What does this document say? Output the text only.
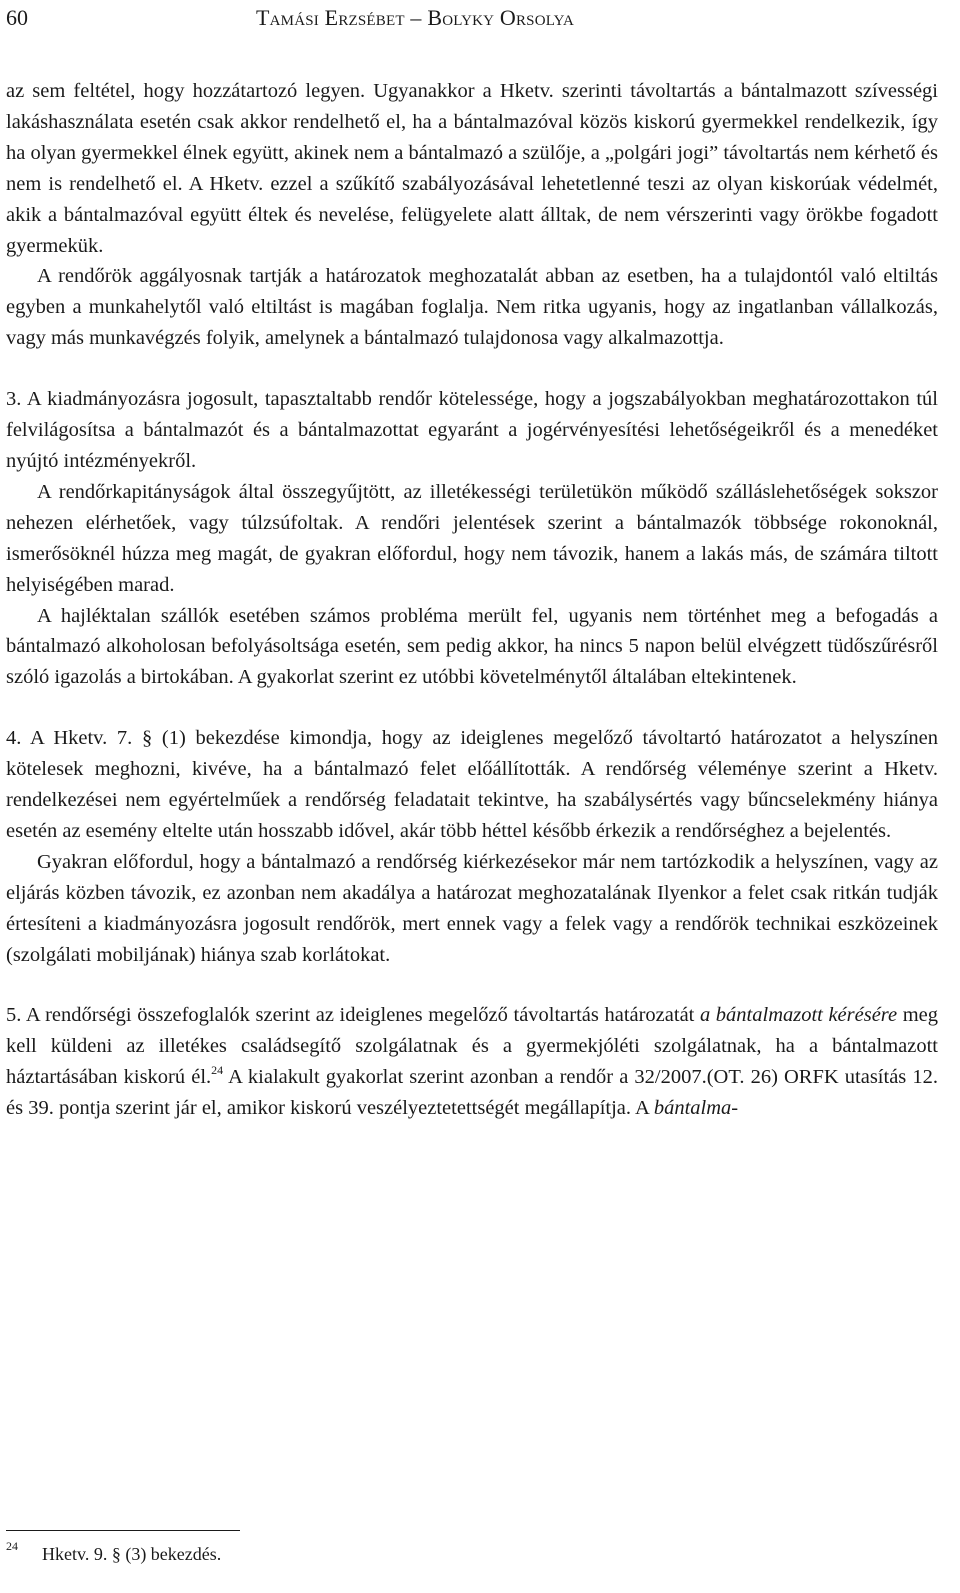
60	Tamási Erzsébet – Bolyky Orsolya

az sem feltétel, hogy hozzátartozó legyen. Ugyanakkor a Hketv. szerinti távoltartás a bántalmazott szívességi lakáshasználata esetén csak akkor rendelhető el, ha a bántalmazóval közös kiskorú gyermekkel rendelkezik, így ha olyan gyermekkel élnek együtt, akinek nem a bántalmazó a szülője, a „polgári jogi” távoltartás nem kérhető és nem is rendelhető el. A Hketv. ezzel a szűkítő szabályozásával lehetetlenné teszi az olyan kiskorúak védelmét, akik a bántalmazóval együtt éltek és nevelése, felügyelete alatt álltak, de nem vérszerinti vagy örökbe fogadott gyermekük.

A rendőrök aggályosnak tartják a határozatok meghozatalát abban az esetben, ha a tulajdontól való eltiltás egyben a munkahelytől való eltiltást is magában foglalja. Nem ritka ugyanis, hogy az ingatlanban vállalkozás, vagy más munkavégzés folyik, amelynek a bántalmazó tulajdonosa vagy alkalmazottja.

3. A kiadmányozásra jogosult, tapasztaltabb rendőr kötelessége, hogy a jogszabályokban meghatározottakon túl felvilágosítsa a bántalmazót és a bántalmazottat egyaránt a jogérvényesítési lehetőségeikről és a menedéket nyújtó intézményekről.

A rendőrkapitányságok által összegyűjtött, az illetékességi területükön működő szálláslehetőségek sokszor nehezen elérhetőek, vagy túlzsúfoltak. A rendőri jelentések szerint a bántalmazók többsége rokonoknál, ismerősöknél húzza meg magát, de gyakran előfordul, hogy nem távozik, hanem a lakás más, de számára tiltott helyiségében marad.

A hajléktalan szállók esetében számos probléma merült fel, ugyanis nem történhet meg a befogadás a bántalmazó alkoholosan befolyásoltsága esetén, sem pedig akkor, ha nincs 5 napon belül elvégzett tüdőszűrésről szóló igazolás a birtokában. A gyakorlat szerint ez utóbbi követelménytől általában eltekintenek.

4. A Hketv. 7. § (1) bekezdése kimondja, hogy az ideiglenes megelőző távoltartó határozatot a helyszínen kötelesek meghozni, kivéve, ha a bántalmazó felet előállították. A rendőrség véleménye szerint a Hketv. rendelkezései nem egyértelműek a rendőrség feladatait tekintve, ha szabálysértés vagy bűncselekmény hiánya esetén az esemény eltelte után hosszabb idővel, akár több héttel később érkezik a rendőrséghez a bejelentés.

Gyakran előfordul, hogy a bántalmazó a rendőrség kiérkezésekor már nem tartózkodik a helyszínen, vagy az eljárás közben távozik, ez azonban nem akadálya a határozat meghozatalának Ilyenkor a felet csak ritkán tudják értesíteni a kiadmányozásra jogosult rendőrök, mert ennek vagy a felek vagy a rendőrök technikai eszközeinek (szolgálati mobiljának) hiánya szab korlátokat.

5. A rendőrségi összefoglalók szerint az ideiglenes megelőző távoltartás határozatát a bántalmazott kérésére meg kell küldeni az illetékes családsegítő szolgálatnak és a gyermekjóléti szolgálatnak, ha a bántalmazott háztartásában kiskorú él.$^{24}$ A kialakult gyakorlat szerint azonban a rendőr a 32/2007.(OT. 26) ORFK utasítás 12. és 39. pontja szerint jár el, amikor kiskorú veszélyeztetettségét megállapítja. A bántalma-

24 Hketv. 9. § (3) bekezdés.
